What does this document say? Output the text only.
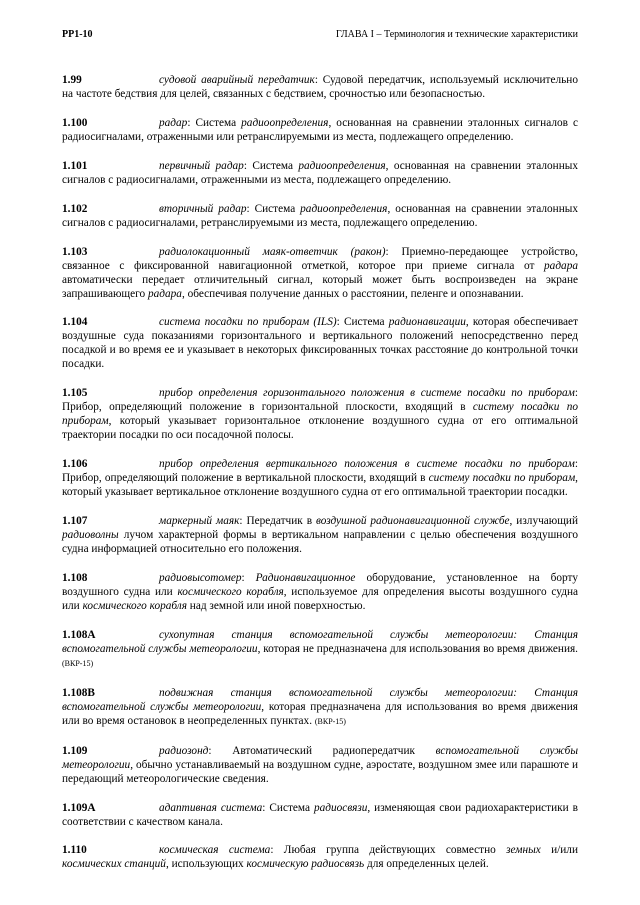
РР1-10	ГЛАВА I – Терминология и технические характеристики

1.99	судовой аварийный передатчик: Судовой передатчик, используемый исключительно на частоте бедствия для целей, связанных с бедствием, срочностью или безопасностью.

1.100	радар: Система радиоопределения, основанная на сравнении эталонных сигналов с радиосигналами, отраженными или ретранслируемыми из места, подлежащего определению.

1.101	первичный радар: Система радиоопределения, основанная на сравнении эталонных сигналов с радиосигналами, отраженными из места, подлежащего определению.

1.102	вторичный радар: Система радиоопределения, основанная на сравнении эталонных сигналов с радиосигналами, ретранслируемыми из места, подлежащего определению.

1.103	радиолокационный маяк-ответчик (ракон): Приемно-передающее устройство, связанное с фиксированной навигационной отметкой, которое при приеме сигнала от радара автоматически передает отличительный сигнал, который может быть воспроизведен на экране запрашивающего радара, обеспечивая получение данных о расстоянии, пеленге и опознавании.

1.104	система посадки по приборам (ILS): Система радионавигации, которая обеспечивает воздушные суда показаниями горизонтального и вертикального положений непосредственно перед посадкой и во время ее и указывает в некоторых фиксированных точках расстояние до контрольной точки посадки.

1.105	прибор определения горизонтального положения в системе посадки по приборам: Прибор, определяющий положение в горизонтальной плоскости, входящий в систему посадки по приборам, который указывает горизонтальное отклонение воздушного судна от его оптимальной траектории посадки по оси посадочной полосы.

1.106	прибор определения вертикального положения в системе посадки по приборам: Прибор, определяющий положение в вертикальной плоскости, входящий в систему посадки по приборам, который указывает вертикальное отклонение воздушного судна от его оптимальной траектории посадки.

1.107	маркерный маяк: Передатчик в воздушной радионавигационной службе, излучающий радиоволны лучом характерной формы в вертикальном направлении с целью обеспечения воздушного судна информацией относительно его положения.

1.108	радиовысотомер: Радионавигационное оборудование, установленное на борту воздушного судна или космического корабля, используемое для определения высоты воздушного судна или космического корабля над земной или иной поверхностью.

1.108A	сухопутная станция вспомогательной службы метеорологии: Станция вспомогательной службы метеорологии, которая не предназначена для использования во время движения. (ВКР-15)

1.108B	подвижная станция вспомогательной службы метеорологии: Станция вспомогательной службы метеорологии, которая предназначена для использования во время движения или во время остановок в неопределенных пунктах. (ВКР-15)

1.109	радиозонд: Автоматический радиопередатчик вспомогательной службы метеорологии, обычно устанавливаемый на воздушном судне, аэростате, воздушном змее или парашюте и передающий метеорологические сведения.

1.109A	адаптивная система: Система радиосвязи, изменяющая свои радиохарактеристики в соответствии с качеством канала.

1.110	космическая система: Любая группа действующих совместно земных и/или космических станций, использующих космическую радиосвязь для определенных целей.
